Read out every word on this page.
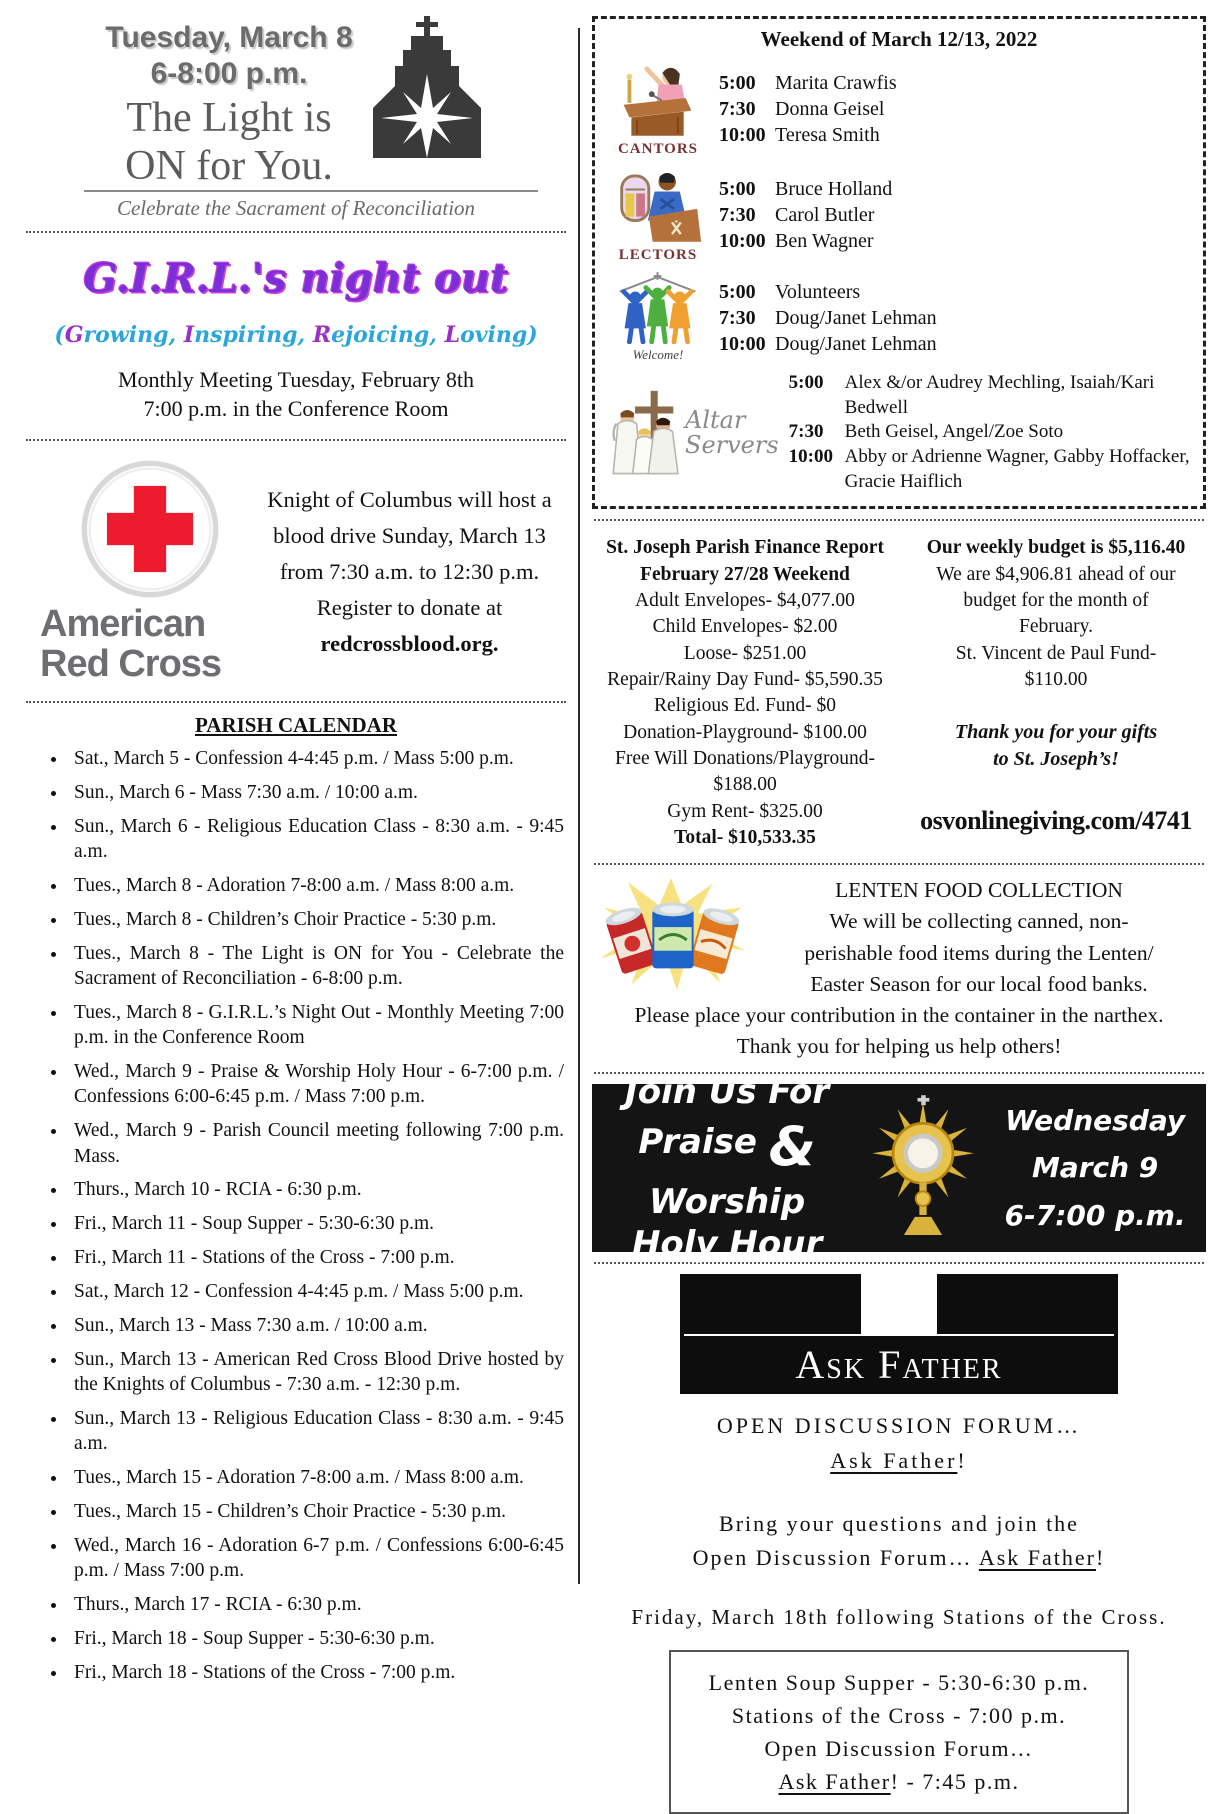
Tuesday, March 8
6-8:00 p.m.
The Light is
ON for You.
Celebrate the Sacrament of Reconciliation
G.I.R.L.'s night out
(Growing, Inspiring, Rejoicing, Loving)
Monthly Meeting Tuesday, February 8th
7:00 p.m. in the Conference Room
American
Red Cross
Knight of Columbus will host a
blood drive Sunday, March 13
from 7:30 a.m. to 12:30 p.m.
Register to donate at
redcrossblood.org.
PARISH CALENDAR
• Sat., March 5 - Confession 4-4:45 p.m. / Mass 5:00 p.m.
• Sun., March 6 - Mass 7:30 a.m. / 10:00 a.m.
• Sun., March 6 - Religious Education Class - 8:30 a.m. - 9:45 a.m.
• Tues., March 8 - Adoration 7-8:00 a.m. / Mass 8:00 a.m.
• Tues., March 8 - Children’s Choir Practice - 5:30 p.m.
• Tues., March 8 - The Light is ON for You - Celebrate the Sacrament of Reconciliation - 6-8:00 p.m.
• Tues., March 8 - G.I.R.L.’s Night Out - Monthly Meeting 7:00 p.m. in the Conference Room
• Wed., March 9 - Praise & Worship Holy Hour - 6-7:00 p.m. / Confessions 6:00-6:45 p.m. / Mass 7:00 p.m.
• Wed., March 9 - Parish Council meeting following 7:00 p.m. Mass.
• Thurs., March 10 - RCIA - 6:30 p.m.
• Fri., March 11 - Soup Supper - 5:30-6:30 p.m.
• Fri., March 11 - Stations of the Cross - 7:00 p.m.
• Sat., March 12 - Confession 4-4:45 p.m. / Mass 5:00 p.m.
• Sun., March 13 - Mass 7:30 a.m. / 10:00 a.m.
• Sun., March 13 - American Red Cross Blood Drive hosted by the Knights of Columbus - 7:30 a.m. - 12:30 p.m.
• Sun., March 13 - Religious Education Class - 8:30 a.m. - 9:45 a.m.
• Tues., March 15 - Adoration 7-8:00 a.m. / Mass 8:00 a.m.
• Tues., March 15 - Children’s Choir Practice - 5:30 p.m.
• Wed., March 16 - Adoration 6-7 p.m. / Confessions 6:00-6:45 p.m. / Mass 7:00 p.m.
• Thurs., March 17 - RCIA - 6:30 p.m.
• Fri., March 18 - Soup Supper - 5:30-6:30 p.m.
• Fri., March 18 - Stations of the Cross - 7:00 p.m.
Weekend of March 12/13, 2022
CANTORS
5:00 Marita Crawfis
7:30 Donna Geisel
10:00 Teresa Smith
LECTORS
5:00 Bruce Holland
7:30 Carol Butler
10:00 Ben Wagner
Welcome!
5:00 Volunteers
7:30 Doug/Janet Lehman
10:00 Doug/Janet Lehman
Altar
Servers
5:00	Alex &/or Audrey Mechling, Isaiah/Kari Bedwell
7:30	Beth Geisel, Angel/Zoe Soto
10:00 Abby or Adrienne Wagner, Gabby Hoffacker, Gracie Haiflich
St. Joseph Parish Finance Report
February 27/28 Weekend
Adult Envelopes- $4,077.00
Child Envelopes- $2.00
Loose- $251.00
Repair/Rainy Day Fund- $5,590.35
Religious Ed. Fund- $0
Donation-Playground- $100.00
Free Will Donations/Playground-
$188.00
Gym Rent- $325.00
Total- $10,533.35
Our weekly budget is $5,116.40
We are $4,906.81 ahead of our
budget for the month of
February.
St. Vincent de Paul Fund-
$110.00
Thank you for your gifts
to St. Joseph’s!
osvonlinegiving.com/4741
LENTEN FOOD COLLECTION
We will be collecting canned, non-
perishable food items during the Lenten/
Easter Season for our local food banks.
Please place your contribution in the container in the narthex.
Thank you for helping us help others!
Join Us For
Praise & Worship
Holy Hour
Wednesday
March 9
6-7:00 p.m.
Ask Father
OPEN DISCUSSION FORUM…
Ask Father!
Bring your questions and join the
Open Discussion Forum… Ask Father!
Friday, March 18th following Stations of the Cross.
Lenten Soup Supper - 5:30-6:30 p.m.
Stations of the Cross - 7:00 p.m.
Open Discussion Forum…
Ask Father! - 7:45 p.m.
